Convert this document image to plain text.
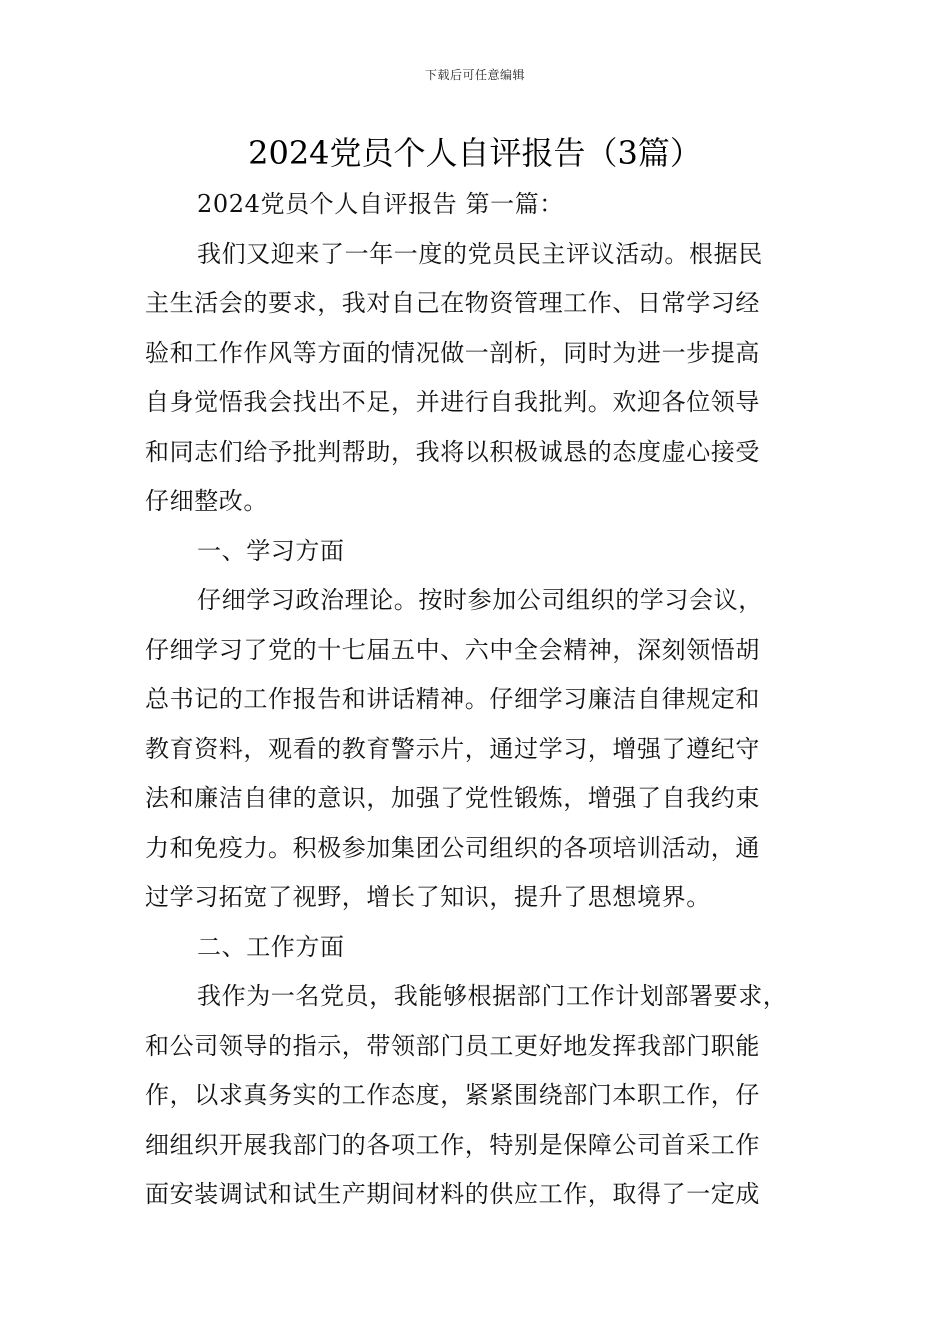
下载后可任意编辑
2024党员个人自评报告（3篇）
2024党员个人自评报告 第一篇：
我们又迎来了一年一度的党员民主评议活动。根据民
主生活会的要求，我对自己在物资管理工作、日常学习经
验和工作作风等方面的情况做一剖析，同时为进一步提高
自身觉悟我会找出不足，并进行自我批判。欢迎各位领导
和同志们给予批判帮助，我将以积极诚恳的态度虚心接受
仔细整改。
一、学习方面
仔细学习政治理论。按时参加公司组织的学习会议，
仔细学习了党的十七届五中、六中全会精神，深刻领悟胡
总书记的工作报告和讲话精神。仔细学习廉洁自律规定和
教育资料，观看的教育警示片，通过学习，增强了遵纪守
法和廉洁自律的意识，加强了党性锻炼，增强了自我约束
力和免疫力。积极参加集团公司组织的各项培训活动，通
过学习拓宽了视野，增长了知识，提升了思想境界。
二、工作方面
我作为一名党员，我能够根据部门工作计划部署要求，
和公司领导的指示，带领部门员工更好地发挥我部门职能
作，以求真务实的工作态度，紧紧围绕部门本职工作，仔
细组织开展我部门的各项工作，特别是保障公司首采工作
面安装调试和试生产期间材料的供应工作，取得了一定成
